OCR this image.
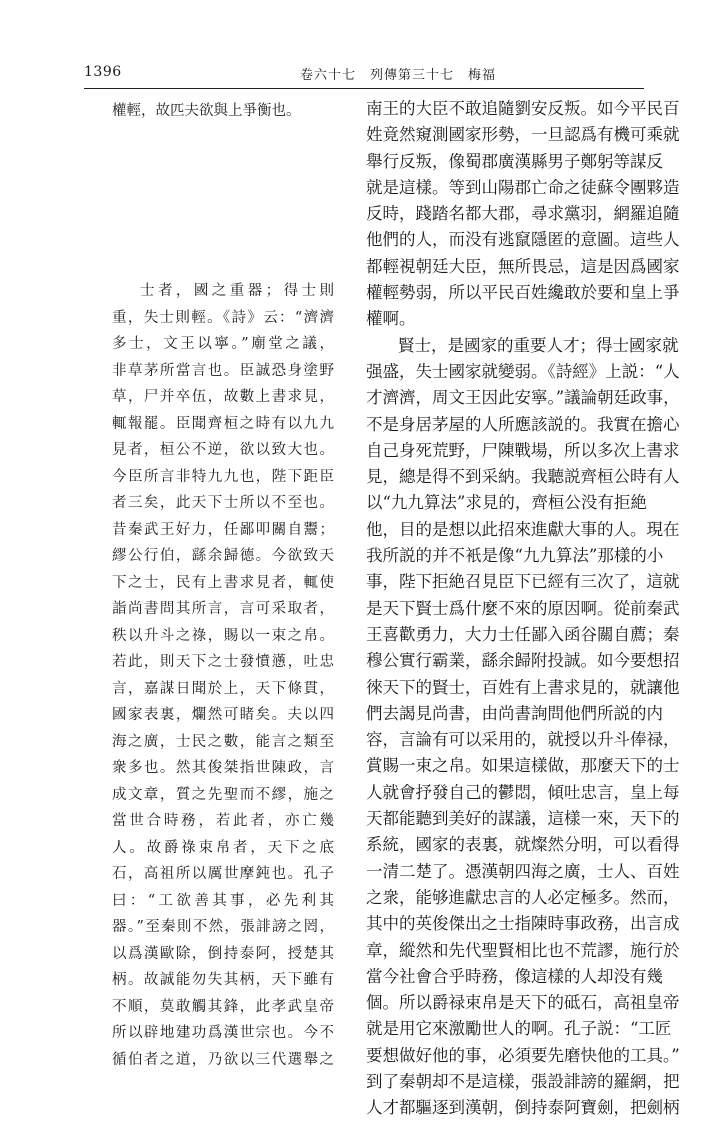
1396	卷六十七　列傳第三十七　梅福
權輕，故匹夫欲與上爭衡也。
士者，國之重器；得士則
重，失士則輕。《詩》云：“濟濟
多士，文王以寧。”廟堂之議，
非草茅所當言也。臣誠恐身塗野
草，尸并卒伍，故數上書求見，
輒報罷。臣聞齊桓之時有以九九
見者，桓公不逆，欲以致大也。
今臣所言非特九九也，陛下距臣
者三矣，此天下士所以不至也。
昔秦武王好力，任鄙叩關自鬻；
繆公行伯，繇余歸德。今欲致天
下之士，民有上書求見者，輒使
詣尚書問其所言，言可采取者，
秩以升斗之祿，賜以一束之帛。
若此，則天下之士發憤懣，吐忠
言，嘉謀日聞於上，天下條貫，
國家表裏，爛然可睹矣。夫以四
海之廣，士民之數，能言之類至
衆多也。然其俊桀指世陳政，言
成文章，質之先聖而不繆，施之
當世合時務，若此者，亦亡幾
人。故爵祿束帛者，天下之底
石，高祖所以厲世摩鈍也。孔子
曰：“工欲善其事，必先利其
器。”至秦則不然，張誹謗之罔，
以爲漢歐除，倒持泰阿，授楚其
柄。故誠能勿失其柄，天下雖有
不順，莫敢觸其鋒，此孝武皇帝
所以辟地建功爲漢世宗也。今不
循伯者之道，乃欲以三代選舉之
南王的大臣不敢追隨劉安反叛。如今平民百
姓竟然窺測國家形勢，一旦認爲有機可乘就
舉行反叛，像蜀郡廣漢縣男子鄭躬等謀反
就是這樣。等到山陽郡亡命之徒蘇令團夥造
反時，踐踏名都大郡，尋求黨羽，網羅追隨
他們的人，而没有逃竄隱匿的意圖。這些人
都輕視朝廷大臣，無所畏忌，這是因爲國家
權輕勢弱，所以平民百姓纔敢於要和皇上爭
權啊。
賢士，是國家的重要人才；得士國家就
强盛，失士國家就變弱。《詩經》上説：“人
才濟濟，周文王因此安寧。”議論朝廷政事，
不是身居茅屋的人所應該説的。我實在擔心
自己身死荒野，尸陳戰場，所以多次上書求
見，總是得不到采納。我聽説齊桓公時有人
以“九九算法”求見的，齊桓公没有拒絶
他，目的是想以此招來進獻大事的人。現在
我所説的并不衹是像“九九算法”那樣的小
事，陛下拒絶召見臣下已經有三次了，這就
是天下賢士爲什麼不來的原因啊。從前秦武
王喜歡勇力，大力士任鄙入函谷關自薦；秦
穆公實行霸業，繇余歸附投誠。如今要想招
徠天下的賢士，百姓有上書求見的，就讓他
們去謁見尚書，由尚書詢問他們所説的内
容，言論有可以采用的，就授以升斗俸禄，
賞賜一束之帛。如果這樣做，那麼天下的士
人就會抒發自己的鬱悶，傾吐忠言，皇上每
天都能聽到美好的謀議，這樣一來，天下的
系統，國家的表裏，就燦然分明，可以看得
一清二楚了。憑漢朝四海之廣，士人、百姓
之衆，能够進獻忠言的人必定極多。然而，
其中的英俊傑出之士指陳時事政務，出言成
章，縱然和先代聖賢相比也不荒謬，施行於
當今社會合乎時務，像這樣的人却没有幾
個。所以爵禄束帛是天下的砥石，高祖皇帝
就是用它來激勵世人的啊。孔子説：“工匠
要想做好他的事，必須要先磨快他的工具。”
到了秦朝却不是這樣，張設誹謗的羅網，把
人才都驅逐到漢朝，倒持泰阿寶劍，把劍柄
